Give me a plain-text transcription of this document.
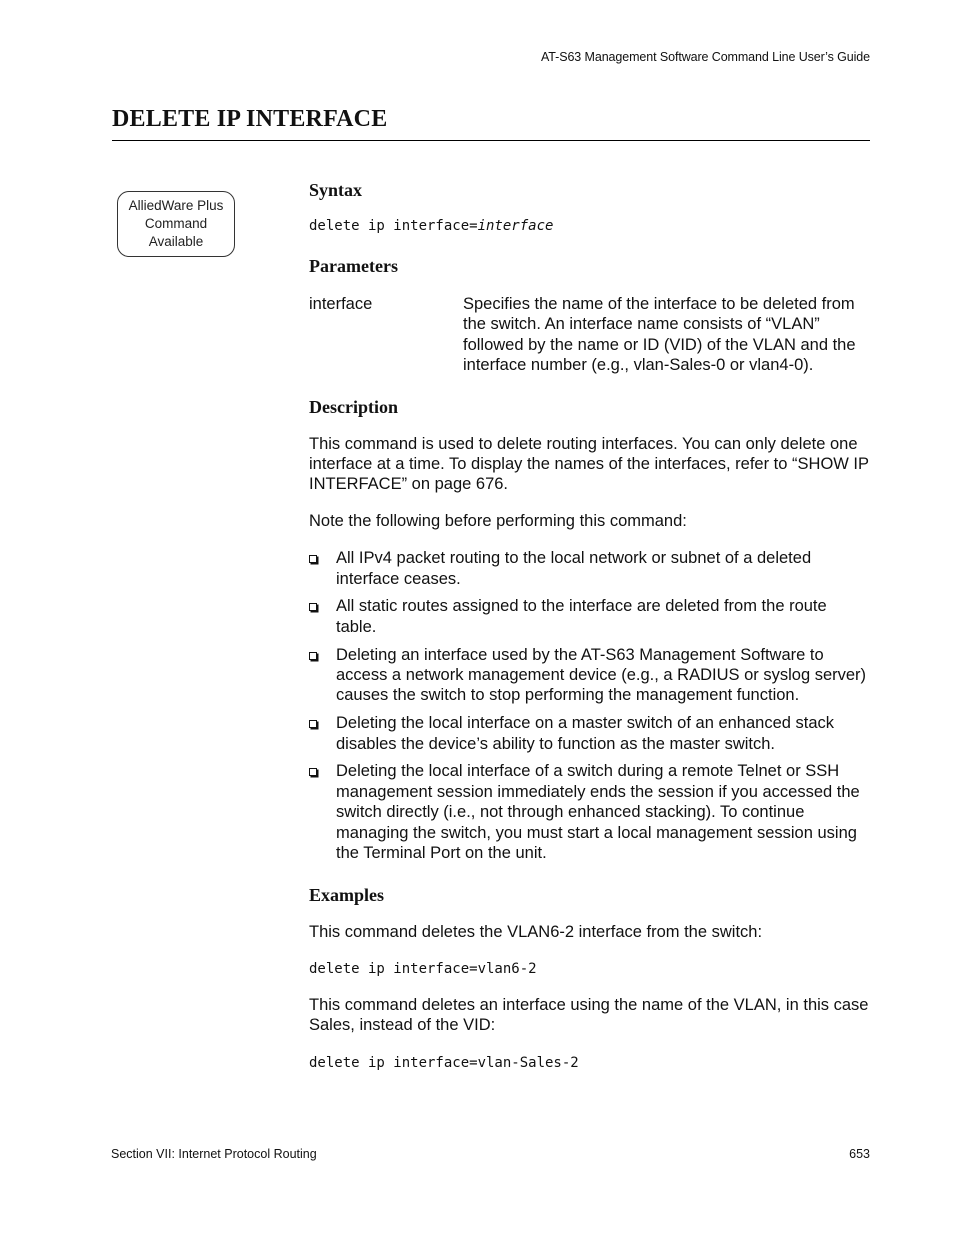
AT-S63 Management Software Command Line User’s Guide
DELETE IP INTERFACE
AlliedWare Plus
Command
Available
Syntax
delete ip interface=interface
Parameters
interface	Specifies the name of the interface to be deleted from the switch. An interface name consists of “VLAN” followed by the name or ID (VID) of the VLAN and the interface number (e.g., vlan-Sales-0 or vlan4-0).
Description

This command is used to delete routing interfaces. You can only delete one interface at a time. To display the names of the interfaces, refer to “SHOW IP INTERFACE” on page 676.

Note the following before performing this command:

All IPv4 packet routing to the local network or subnet of a deleted interface ceases.
All static routes assigned to the interface are deleted from the route table.
Deleting an interface used by the AT-S63 Management Software to access a network management device (e.g., a RADIUS or syslog server) causes the switch to stop performing the management function.
Deleting the local interface on a master switch of an enhanced stack disables the device’s ability to function as the master switch.
Deleting the local interface of a switch during a remote Telnet or SSH management session immediately ends the session if you accessed the switch directly (i.e., not through enhanced stacking). To continue managing the switch, you must start a local management session using the Terminal Port on the unit.
Examples

This command deletes the VLAN6-2 interface from the switch:

delete ip interface=vlan6-2

This command deletes an interface using the name of the VLAN, in this case Sales, instead of the VID:

delete ip interface=vlan-Sales-2
Section VII: Internet Protocol Routing	653
